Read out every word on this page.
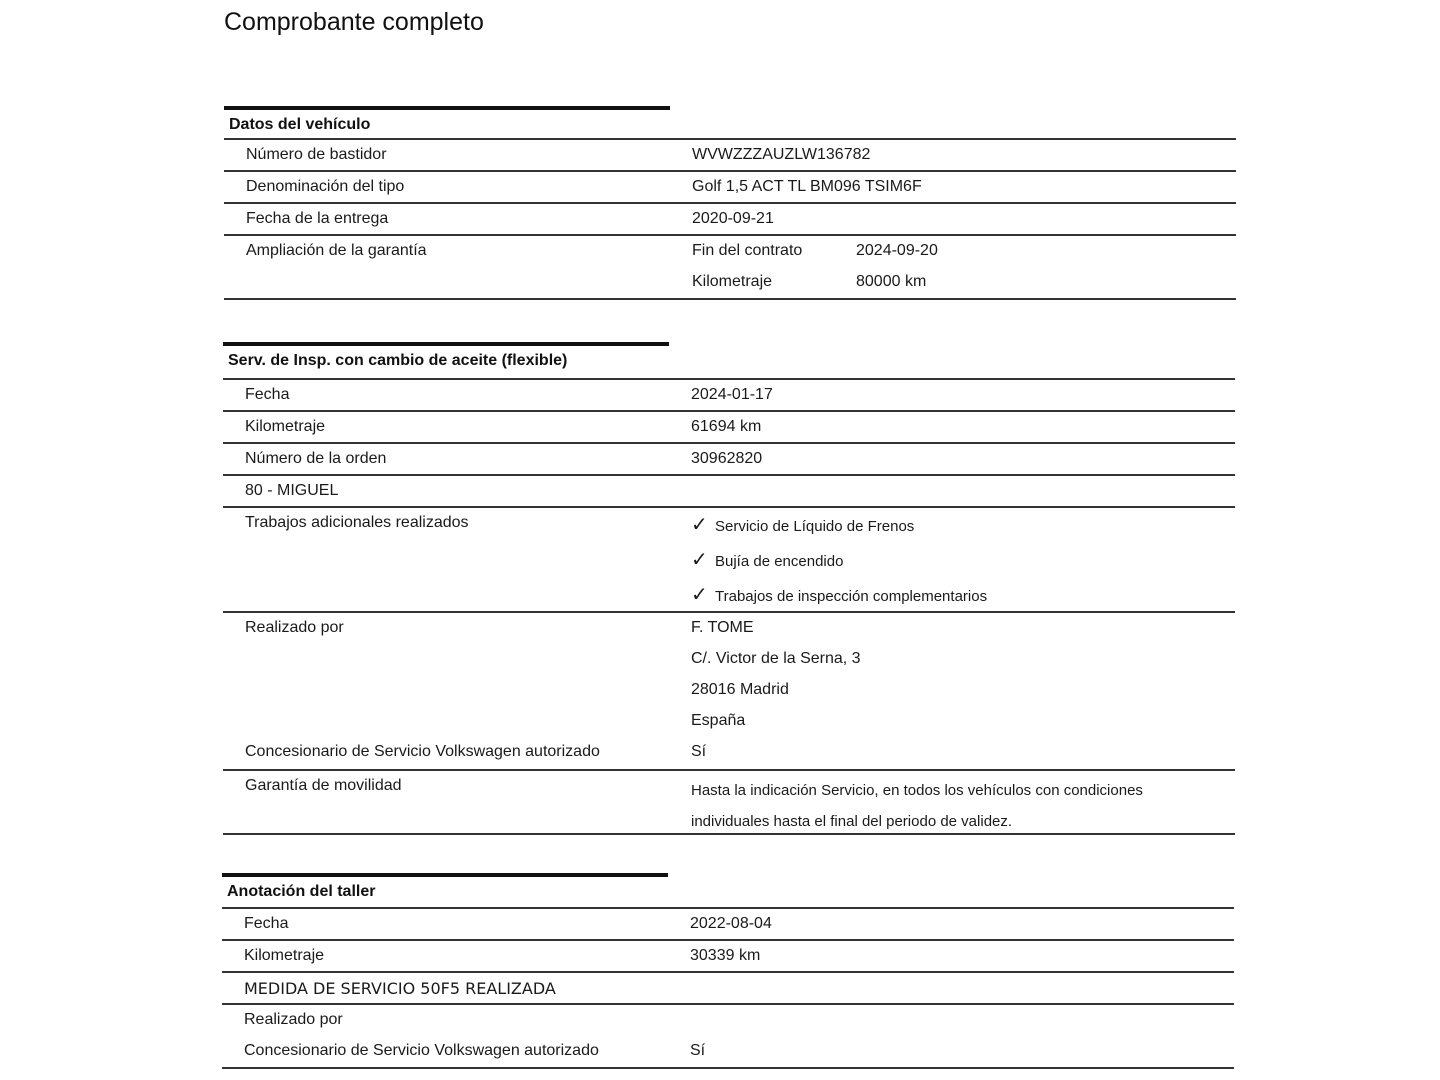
Comprobante completo
Datos del vehículo
Número de bastidor	WVWZZZAUZLW136782
Denominación del tipo	Golf 1,5 ACT TL BM096 TSIM6F
Fecha de la entrega	2020-09-21
Ampliación de la garantía	Fin del contrato	2024-09-20
Kilometraje	80000 km
Serv. de Insp. con cambio de aceite (flexible)
Fecha	2024-01-17
Kilometraje	61694 km
Número de la orden	30962820
80 - MIGUEL
Trabajos adicionales realizados	✓ Servicio de Líquido de Frenos
✓ Bujía de encendido
✓ Trabajos de inspección complementarios
Realizado por	F. TOME
C/. Victor de la Serna, 3
28016 Madrid
España
Concesionario de Servicio Volkswagen autorizado	Sí
Garantía de movilidad	Hasta la indicación Servicio, en todos los vehículos con condiciones individuales hasta el final del periodo de validez.
Anotación del taller
Fecha	2022-08-04
Kilometraje	30339 km
MEDIDA DE SERVICIO 50F5 REALIZADA
Realizado por
Concesionario de Servicio Volkswagen autorizado	Sí
